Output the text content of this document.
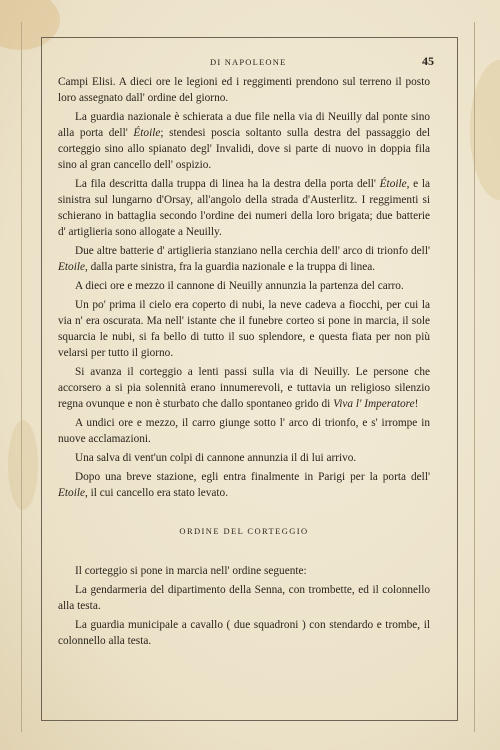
DI NAPOLEONE	45

Campi Elisi. A dieci ore le legioni ed i reggimenti prendono sul terreno il posto loro assegnato dall' ordine del giorno.

La guardia nazionale è schierata a due file nella via di Neuilly dal ponte sino alla porta dell' Étoile; stendesi poscia soltanto sulla destra del passaggio del corteggio sino allo spianato degl' Invalidi, dove si parte di nuovo in doppia fila sino al gran cancello dell' ospizio.

La fila descritta dalla truppa di linea ha la destra della porta dell' Étoile, e la sinistra sul lungarno d'Orsay, all'angolo della strada d'Austerlitz. I reggimenti si schierano in battaglia secondo l'ordine dei numeri della loro brigata; due batterie d' artiglieria sono allogate a Neuilly.

Due altre batterie d' artiglieria stanziano nella cerchia dell' arco di trionfo dell' Etoile, dalla parte sinistra, fra la guardia nazionale e la truppa di linea.

A dieci ore e mezzo il cannone di Neuilly annunzia la partenza del carro.

Un po' prima il cielo era coperto di nubi, la neve cadeva a fiocchi, per cui la via n' era oscurata. Ma nell' istante che il funebre corteo si pone in marcia, il sole squarcia le nubi, si fa bello di tutto il suo splendore, e questa fiata per non più velarsi per tutto il giorno.

Si avanza il corteggio a lenti passi sulla via di Neuilly. Le persone che accorsero a si pia solennità erano innumerevoli, e tuttavia un religioso silenzio regna ovunque e non è sturbato che dallo spontaneo grido di Viva l' Imperatore!

A undici ore e mezzo, il carro giunge sotto l' arco di trionfo, e s' irrompe in nuove acclamazioni.

Una salva di vent'un colpi di cannone annunzia il di lui arrivo.

Dopo una breve stazione, egli entra finalmente in Parigi per la porta dell' Etoile, il cui cancello era stato levato.

ORDINE DEL CORTEGGIO

Il corteggio si pone in marcia nell' ordine seguente:

La gendarmeria del dipartimento della Senna, con trombette, ed il colonnello alla testa.

La guardia municipale a cavallo ( due squadroni ) con stendardo e trombe, il colonnello alla testa.
